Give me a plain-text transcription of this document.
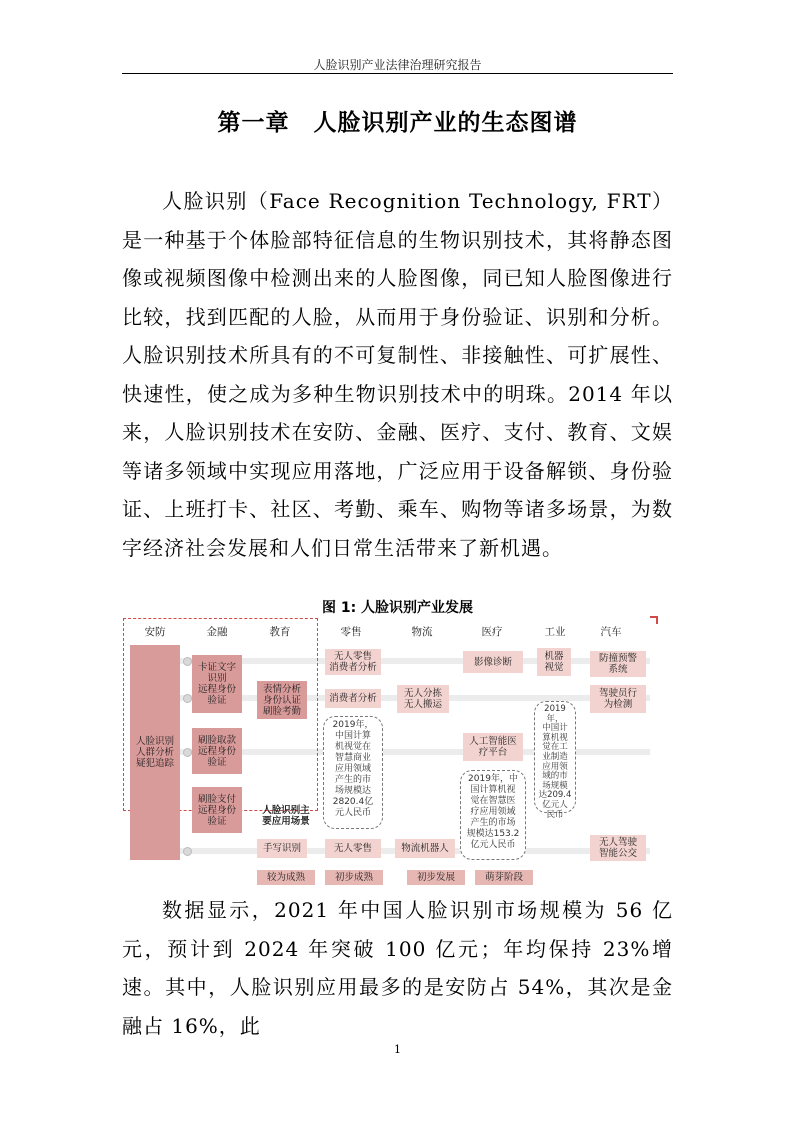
人脸识别产业法律治理研究报告
第一章　人脸识别产业的生态图谱
人脸识别（Face Recognition Technology, FRT）是一种基于个体脸部特征信息的生物识别技术，其将静态图像或视频图像中检测出来的人脸图像，同已知人脸图像进行比较，找到匹配的人脸，从而用于身份验证、识别和分析。人脸识别技术所具有的不可复制性、非接触性、可扩展性、快速性，使之成为多种生物识别技术中的明珠。2014 年以来，人脸识别技术在安防、金融、医疗、支付、教育、文娱等诸多领域中实现应用落地，广泛应用于设备解锁、身份验证、上班打卡、社区、考勤、乘车、购物等诸多场景，为数字经济社会发展和人们日常生活带来了新机遇。
图 1: 人脸识别产业发展
安防	金融	教育	零售	物流	医疗	工业	汽车
人脸识别
人群分析
疑犯追踪
卡证文字
识别
远程身份
验证
刷脸取款
远程身份
验证
刷脸支付
远程身份
验证
表情分析
身份认证
刷脸考勤
人脸识别主
要应用场景
手写识别
无人零售
消费者分析
消费者分析
2019年，
中国计算
机视觉在
智慧商业
应用领域
产生的市
场规模达
2820.4亿
元人民币
无人零售
无人分拣
无人搬运
物流机器人
影像诊断
人工智能医
疗平台
2019年，中
国计算机视
觉在智慧医
疗应用领域
产生的市场
规模达153.2
亿元人民币
机器
视觉
2019年，
中国计
算机视
觉在工
业制造
应用领
域的市
场规模
达209.4
亿元人
民币
防撞预警
系统
驾驶员行
为检测
无人驾驶
智能公交
较为成熟	初步成熟	初步发展	萌芽阶段
数据显示，2021 年中国人脸识别市场规模为 56 亿元，预计到 2024 年突破 100 亿元；年均保持 23%增速。其中，人脸识别应用最多的是安防占 54%，其次是金融占 16%，此
1
